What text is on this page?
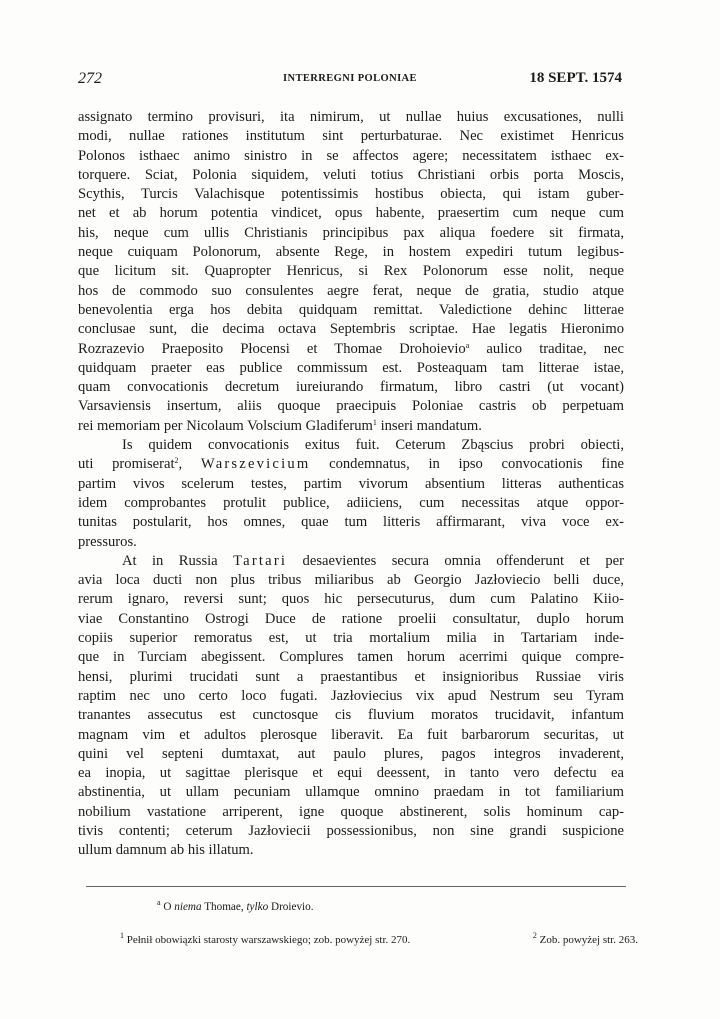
272	INTERREGNI POLONIAE	18 SEPT. 1574
assignato termino provisuri, ita nimirum, ut nullae huius excusationes, nulli
modi, nullae rationes institutum sint perturbaturae. Nec existimet Henricus
Polonos isthaec animo sinistro in se affectos agere; necessitatem isthaec ex-
torquere. Sciat, Polonia siquidem, veluti totius Christiani orbis porta Moscis,
Scythis, Turcis Valachisque potentissimis hostibus obiecta, qui istam guber-
net et ab horum potentia vindicet, opus habente, praesertim cum neque cum
his, neque cum ullis Christianis principibus pax aliqua foedere sit firmata,
neque cuiquam Polonorum, absente Rege, in hostem expediri tutum legibus-
que licitum sit. Quapropter Henricus, si Rex Polonorum esse nolit, neque
hos de commodo suo consulentes aegre ferat, neque de gratia, studio atque
benevolentia erga hos debita quidquam remittat. Valedictione dehinc litterae
conclusae sunt, die decima octava Septembris scriptae. Hae legatis Hieronimo
Rozrazevio Praeposito Płocensi et Thomae Drohoievio$^a$ aulico traditae, nec
quidquam praeter eas publice commissum est. Posteaquam tam litterae istae,
quam convocationis decretum iureiurando firmatum, libro castri (ut vocant)
Varsaviensis insertum, aliis quoque praecipuis Poloniae castris ob perpetuam
rei memoriam per Nicolaum Volscium Gladiferum$^1$ inseri mandatum.
Is quidem convocationis exitus fuit. Ceterum Zbąscius probri obiecti,
uti promiserat$^2$, Warszevicium condemnatus, in ipso convocationis fine
partim vivos scelerum testes, partim vivorum absentium litteras authenticas
idem comprobantes protulit publice, adiiciens, cum necessitas atque oppor-
tunitas postularit, hos omnes, quae tum litteris affirmarant, viva voce ex-
pressuros.
At in Russia Tartari desaevientes secura omnia offenderunt et per
avia loca ducti non plus tribus miliaribus ab Georgio Jazłoviecio belli duce,
rerum ignaro, reversi sunt; quos hic persecuturus, dum cum Palatino Kiio-
viae Constantino Ostrogi Duce de ratione proelii consultatur, duplo horum
copiis superior remoratus est, ut tria mortalium milia in Tartariam inde-
que in Turciam abegissent. Complures tamen horum acerrimi quique compre-
hensi, plurimi trucidati sunt a praestantibus et insignioribus Russiae viris
raptim nec uno certo loco fugati. Jazłoviecius vix apud Nestrum seu Tyram
tranantes assecutus est cunctosque cis fluvium moratos trucidavit, infantum
magnam vim et adultos plerosque liberavit. Ea fuit barbarorum securitas, ut
quini vel septeni dumtaxat, aut paulo plures, pagos integros invaderent,
ea inopia, ut sagittae plerisque et equi deessent, in tanto vero defectu ea
abstinentia, ut ullam pecuniam ullamque omnino praedam in tot familiarium
nobilium vastatione arriperent, igne quoque abstinerent, solis hominum cap-
tivis contenti; ceterum Jazłoviecii possessionibus, non sine grandi suspicione
ullum damnum ab his illatum.
$^a$ O niema Thomae, tylko Droievio.
$^1$ Pełnił obowiązki starosty warszawskiego; zob. powyżej str. 270.	$^2$ Zob. powyżej str. 263.
